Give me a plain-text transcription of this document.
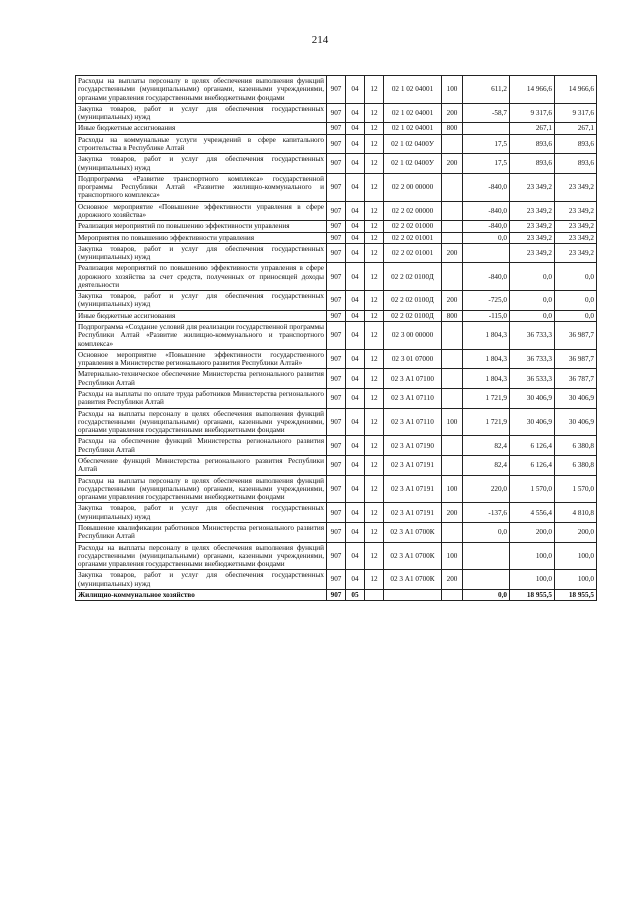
214
Расходы на выплаты персоналу в целях обеспечения выполнения функций государственными (муниципальными) органами, казенными учреждениями, органами управления государственными внебюджетными фондами	907	04	12	02 1 02 04001	100	611,2	14 966,6	14 966,6
Закупка товаров, работ и услуг для обеспечения государственных (муниципальных) нужд	907	04	12	02 1 02 04001	200	-58,7	9 317,6	9 317,6
Иные бюджетные ассигнования	907	04	12	02 1 02 04001	800		267,1	267,1
Расходы на коммунальные услуги учреждений в сфере капитального строительства в Республике Алтай	907	04	12	02 1 02 0400У		17,5	893,6	893,6
Закупка товаров, работ и услуг для обеспечения государственных (муниципальных) нужд	907	04	12	02 1 02 0400У	200	17,5	893,6	893,6
Подпрограмма «Развитие транспортного комплекса» государственной программы Республики Алтай «Развитие жилищно-коммунального и транспортного комплекса»	907	04	12	02 2 00 00000		-840,0	23 349,2	23 349,2
Основное мероприятие «Повышение эффективности управления в сфере дорожного хозяйства»	907	04	12	02 2 02 00000		-840,0	23 349,2	23 349,2
Реализация мероприятий по повышению эффективности управления	907	04	12	02 2 02 01000		-840,0	23 349,2	23 349,2
Мероприятия по повышению эффективности управления	907	04	12	02 2 02 01001		0,0	23 349,2	23 349,2
Закупка товаров, работ и услуг для обеспечения государственных (муниципальных) нужд	907	04	12	02 2 02 01001	200		23 349,2	23 349,2
Реализация мероприятий по повышению эффективности управления в сфере дорожного хозяйства за счет средств, полученных от приносящей доходы деятельности	907	04	12	02 2 02 0100Д		-840,0	0,0	0,0
Закупка товаров, работ и услуг для обеспечения государственных (муниципальных) нужд	907	04	12	02 2 02 0100Д	200	-725,0	0,0	0,0
Иные бюджетные ассигнования	907	04	12	02 2 02 0100Д	800	-115,0	0,0	0,0
Подпрограмма «Создание условий для реализации государственной программы Республики Алтай «Развитие жилищно-коммунального и транспортного комплекса»	907	04	12	02 3 00 00000		1 804,3	36 733,3	36 987,7
Основное мероприятие «Повышение эффективности государственного управления в Министерстве регионального развития Республики Алтай»	907	04	12	02 3 01 07000		1 804,3	36 733,3	36 987,7
Материально-техническое обеспечение Министерства регионального развития Республики Алтай	907	04	12	02 3 А1 07100		1 804,3	36 533,3	36 787,7
Расходы на выплаты по оплате труда работников Министерства регионального развития Республики Алтай	907	04	12	02 3 А1 07110		1 721,9	30 406,9	30 406,9
Расходы на выплаты персоналу в целях обеспечения выполнения функций государственными (муниципальными) органами, казенными учреждениями, органами управления государственными внебюджетными фондами	907	04	12	02 3 А1 07110	100	1 721,9	30 406,9	30 406,9
Расходы на обеспечение функций Министерства регионального развития Республики Алтай	907	04	12	02 3 А1 07190		82,4	6 126,4	6 380,8
Обеспечение функций Министерства регионального развития Республики Алтай	907	04	12	02 3 А1 07191		82,4	6 126,4	6 380,8
Расходы на выплаты персоналу в целях обеспечения выполнения функций государственными (муниципальными) органами, казенными учреждениями, органами управления государственными внебюджетными фондами	907	04	12	02 3 А1 07191	100	220,0	1 570,0	1 570,0
Закупка товаров, работ и услуг для обеспечения государственных (муниципальных) нужд	907	04	12	02 3 А1 07191	200	-137,6	4 556,4	4 810,8
Повышение квалификации работников Министерства регионального развития Республики Алтай	907	04	12	02 3 А1 0700К		0,0	200,0	200,0
Расходы на выплаты персоналу в целях обеспечения выполнения функций государственными (муниципальными) органами, казенными учреждениями, органами управления государственными внебюджетными фондами	907	04	12	02 3 А1 0700К	100		100,0	100,0
Закупка товаров, работ и услуг для обеспечения государственных (муниципальных) нужд	907	04	12	02 3 А1 0700К	200		100,0	100,0
Жилищно-коммунальное хозяйство	907	05				0,0	18 955,5	18 955,5
